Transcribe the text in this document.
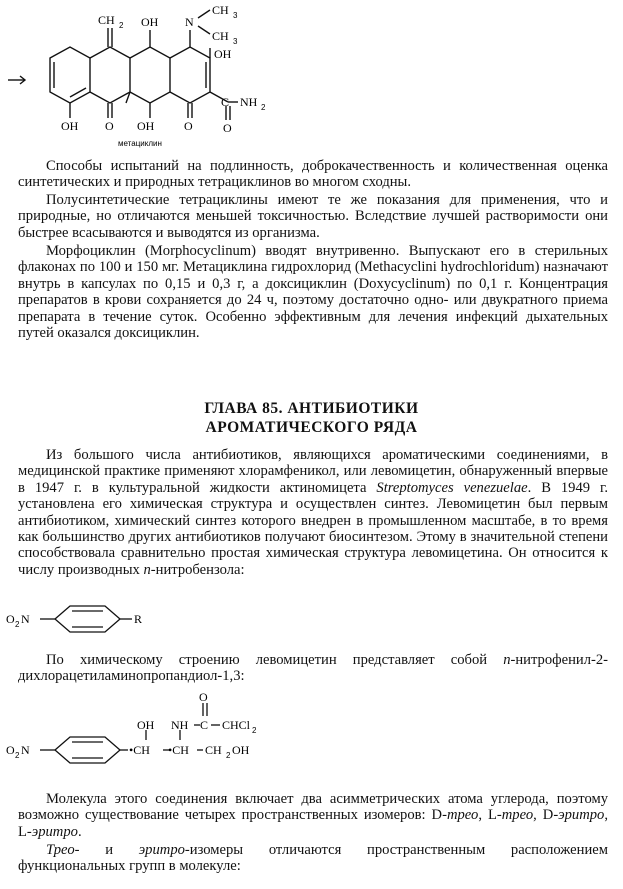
CH 2 OH N
CH 3
CH 3
OH
C NH 2
O
OH O OH O
метациклин

Способы испытаний на подлинность, доброкачественность и количественная оценка синтетических и природных тетрациклинов во многом сходны.

Полусинтетические тетрациклины имеют те же показания для применения, что и природные, но отличаются меньшей токсичностью. Вследствие лучшей растворимости они быстрее всасываются и выводятся из организма.

Морфоциклин (Morphocyclinum) вводят внутривенно. Выпускают его в стерильных флаконах по 100 и 150 мг. Метациклина гидрохлорид (Methacyclini hydrochloridum) назначают внутрь в капсулах по 0,15 и 0,3 г, а доксициклин (Doxycyclinum) по 0,1 г. Концентрация препаратов в крови сохраняется до 24 ч, поэтому достаточно одно- или двукратного приема препарата в течение суток. Особенно эффективным для лечения инфекций дыхательных путей оказался доксициклин.

ГЛАВА 85. АНТИБИОТИКИ
АРОМАТИЧЕСКОГО РЯДА

Из большого числа антибиотиков, являющихся ароматическими соединениями, в медицинской практике применяют хлорамфеникол, или левомицетин, обнаруженный впервые в 1947 г. в культуральной жидкости актиномицета Streptomyces venezuelae. В 1949 г. установлена его химическая структура и осуществлен синтез. Левомицетин был первым антибиотиком, химический синтез которого внедрен в промышленном масштабе, в то время как большинство других антибиотиков получают биосинтезом. Этому в значительной степени способствовала сравнительно простая химическая структура левомицетина. Он относится к числу производных п-нитробензола:

O 2 N	R

По химическому строению левомицетин представляет собой п-нитрофенил-2-дихлорацетиламинопропандиол-1,3:

O 2 N
OH NH C CHCl 2
O
•CH •CH CH 2 OH

Молекула этого соединения включает два асимметрических атома углерода, поэтому возможно существование четырех пространственных изомеров: D-трео, L-трео, D-эритро, L-эритро.

Трео- и эритро-изомеры отличаются пространственным расположением функциональных групп в молекуле:
